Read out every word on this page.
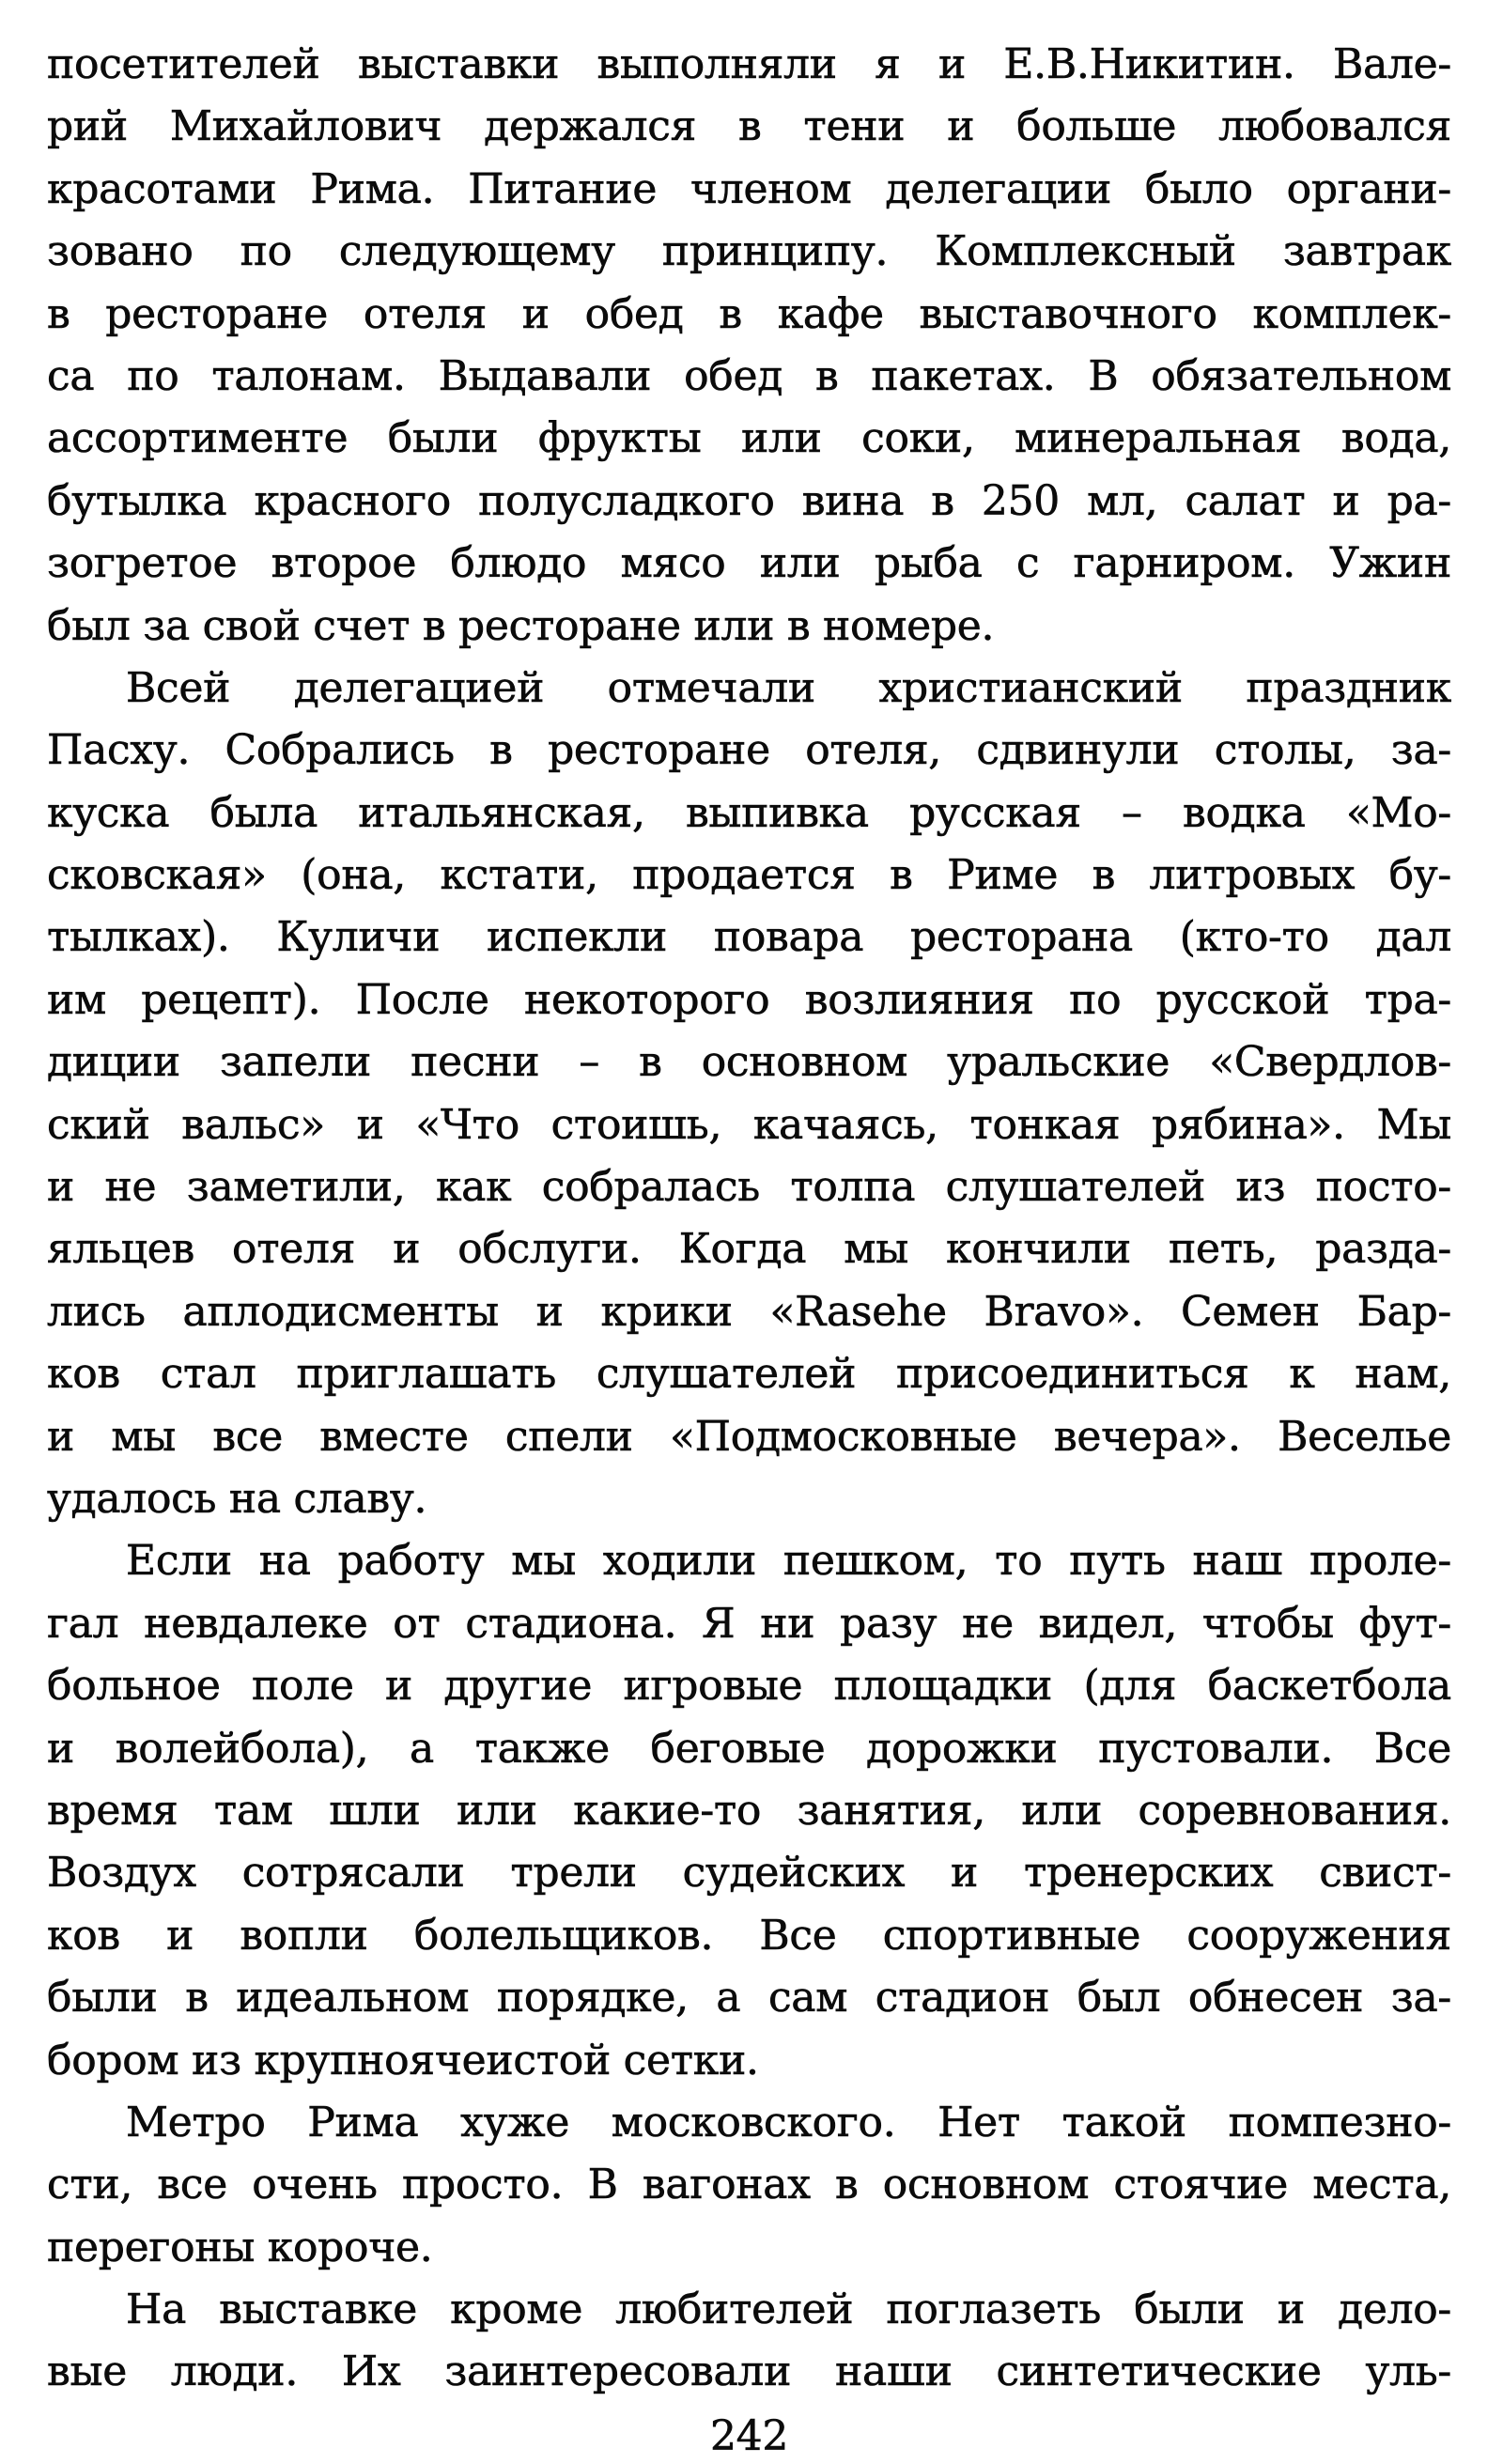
посетителей выставки выполняли я и Е.В.Никитин. Вале-
рий Михайлович держался в тени и больше любовался
красотами Рима. Питание членом делегации было органи-
зовано по следующему принципу. Комплексный завтрак
в ресторане отеля и обед в кафе выставочного комплек-
са по талонам. Выдавали обед в пакетах. В обязательном
ассортименте были фрукты или соки, минеральная вода,
бутылка красного полусладкого вина в 250 мл, салат и ра-
зогретое второе блюдо мясо или рыба с гарниром. Ужин
был за свой счет в ресторане или в номере.
Всей делегацией отмечали христианский праздник
Пасху. Собрались в ресторане отеля, сдвинули столы, за-
куска была итальянская, выпивка русская – водка «Мо-
сковская» (она, кстати, продается в Риме в литровых бу-
тылках). Куличи испекли повара ресторана (кто-то дал
им рецепт). После некоторого возлияния по русской тра-
диции запели песни – в основном уральские «Свердлов-
ский вальс» и «Что стоишь, качаясь, тонкая рябина». Мы
и не заметили, как собралась толпа слушателей из посто-
яльцев отеля и обслуги. Когда мы кончили петь, разда-
лись аплодисменты и крики «Rasehe Bravo». Семен Бар-
ков стал приглашать слушателей присоединиться к нам,
и мы все вместе спели «Подмосковные вечера». Веселье
удалось на славу.
Если на работу мы ходили пешком, то путь наш проле-
гал невдалеке от стадиона. Я ни разу не видел, чтобы фут-
больное поле и другие игровые площадки (для баскетбола
и волейбола), а также беговые дорожки пустовали. Все
время там шли или какие-то занятия, или соревнования.
Воздух сотрясали трели судейских и тренерских свист-
ков и вопли болельщиков. Все спортивные сооружения
были в идеальном порядке, а сам стадион был обнесен за-
бором из крупноячеистой сетки.
Метро Рима хуже московского. Нет такой помпезно-
сти, все очень просто. В вагонах в основном стоячие места,
перегоны короче.
На выставке кроме любителей поглазеть были и дело-
вые люди. Их заинтересовали наши синтетические уль-
242
